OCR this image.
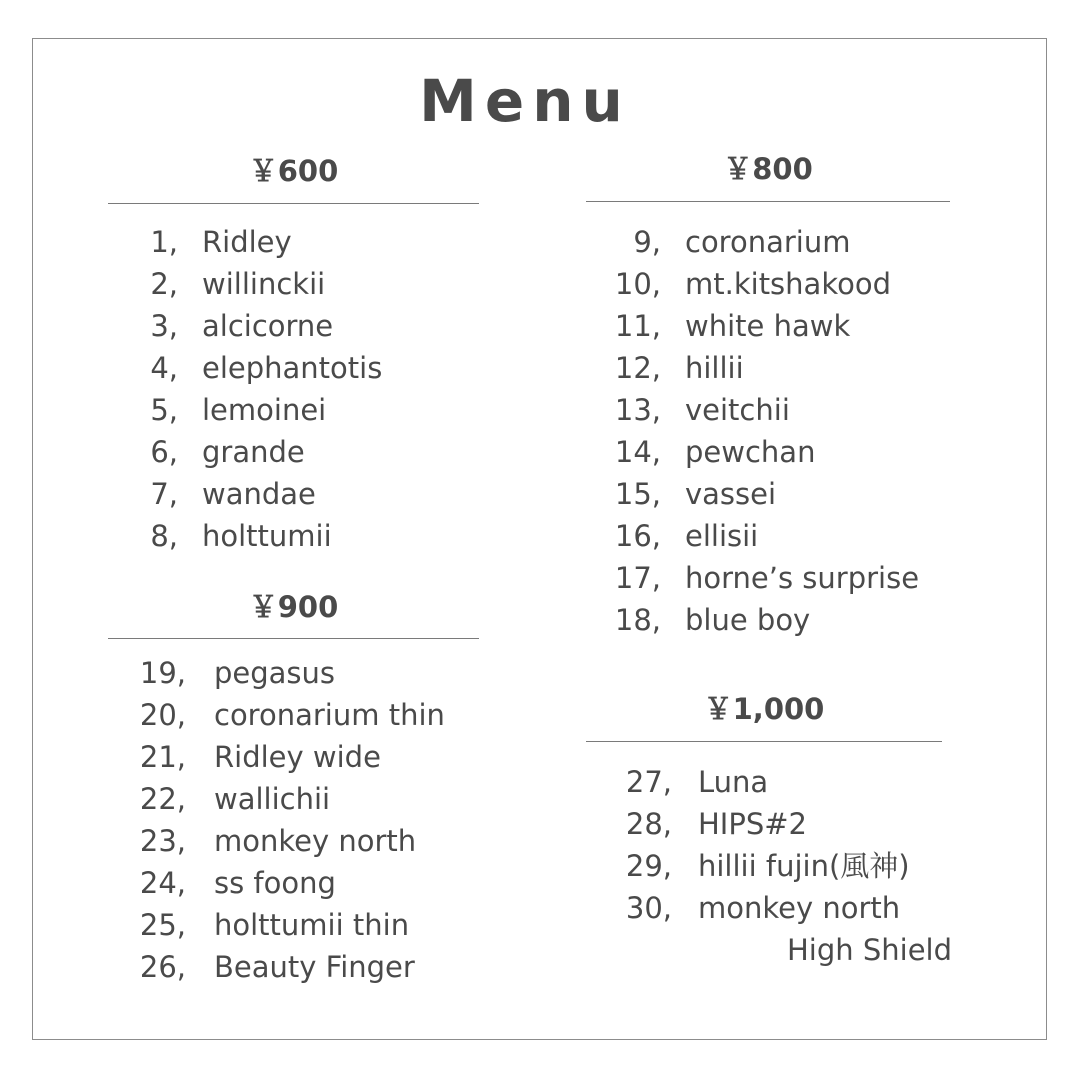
Menu
￥600
1, Ridley
2, willinckii
3, alcicorne
4, elephantotis
5, lemoinei
6, grande
7, wandae
8, holttumii
￥800
9, coronarium
10, mt.kitshakood
11, white hawk
12, hillii
13, veitchii
14, pewchan
15, vassei
16, ellisii
17, horne’s surprise
18, blue boy
￥900
19, pegasus
20, coronarium thin
21, Ridley wide
22, wallichii
23, monkey north
24, ss foong
25, holttumii thin
26, Beauty Finger
￥1,000
27, Luna
28, HIPS#2
29, hillii fujin(風神)
30, monkey north
High Shield
